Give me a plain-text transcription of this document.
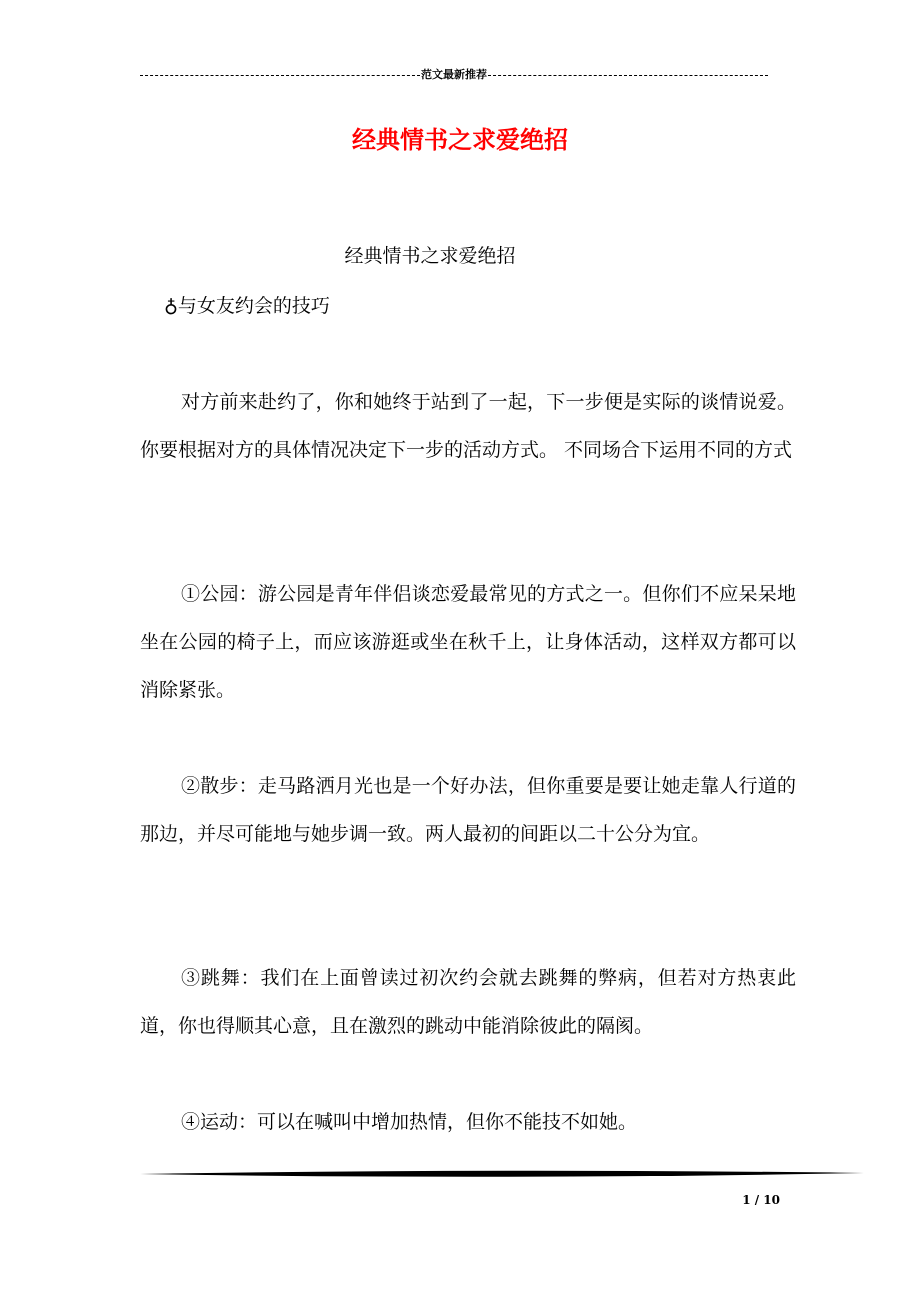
范文最新推荐
经典情书之求爱绝招
经典情书之求爱绝招
♁与女友约会的技巧

对方前来赴约了，你和她终于站到了一起，下一步便是实际的谈情说爱。你要根据对方的具体情况决定下一步的活动方式。 不同场合下运用不同的方式

①公园：游公园是青年伴侣谈恋爱最常见的方式之一。但你们不应呆呆地坐在公园的椅子上，而应该游逛或坐在秋千上，让身体活动，这样双方都可以消除紧张。

②散步：走马路洒月光也是一个好办法，但你重要是要让她走靠人行道的那边，并尽可能地与她步调一致。两人最初的间距以二十公分为宜。

③跳舞：我们在上面曾读过初次约会就去跳舞的弊病，但若对方热衷此道，你也得顺其心意，且在激烈的跳动中能消除彼此的隔阂。

④运动：可以在喊叫中增加热情，但你不能技不如她。

1 / 10
